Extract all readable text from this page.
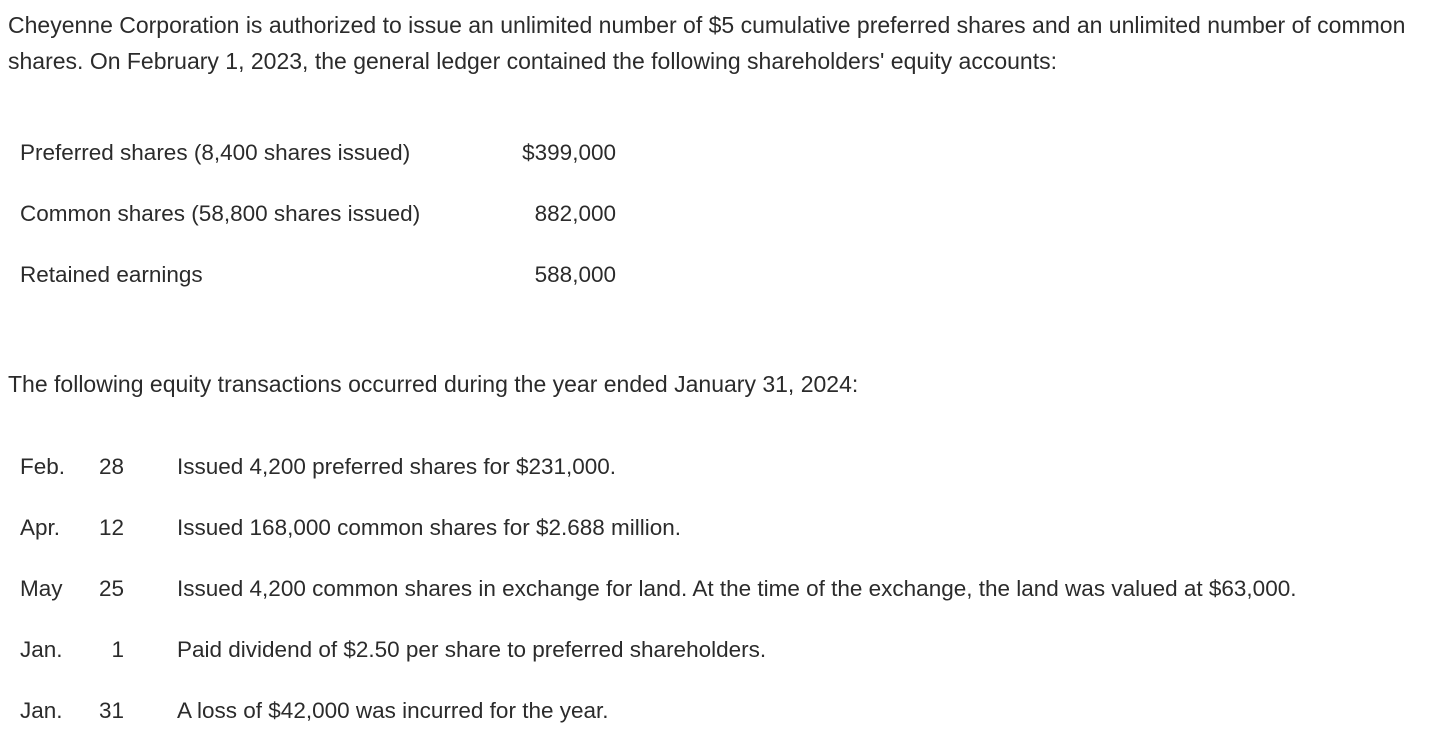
Cheyenne Corporation is authorized to issue an unlimited number of $5 cumulative preferred shares and an unlimited number of common shares. On February 1, 2023, the general ledger contained the following shareholders' equity accounts:

Preferred shares (8,400 shares issued)	$399,000
Common shares (58,800 shares issued)	882,000
Retained earnings	588,000

The following equity transactions occurred during the year ended January 31, 2024:

Feb.	28		Issued 4,200 preferred shares for $231,000.
Apr.	12		Issued 168,000 common shares for $2.688 million.
May	25		Issued 4,200 common shares in exchange for land. At the time of the exchange, the land was valued at $63,000.
Jan.	1		Paid dividend of $2.50 per share to preferred shareholders.
Jan.	31		A loss of $42,000 was incurred for the year.
